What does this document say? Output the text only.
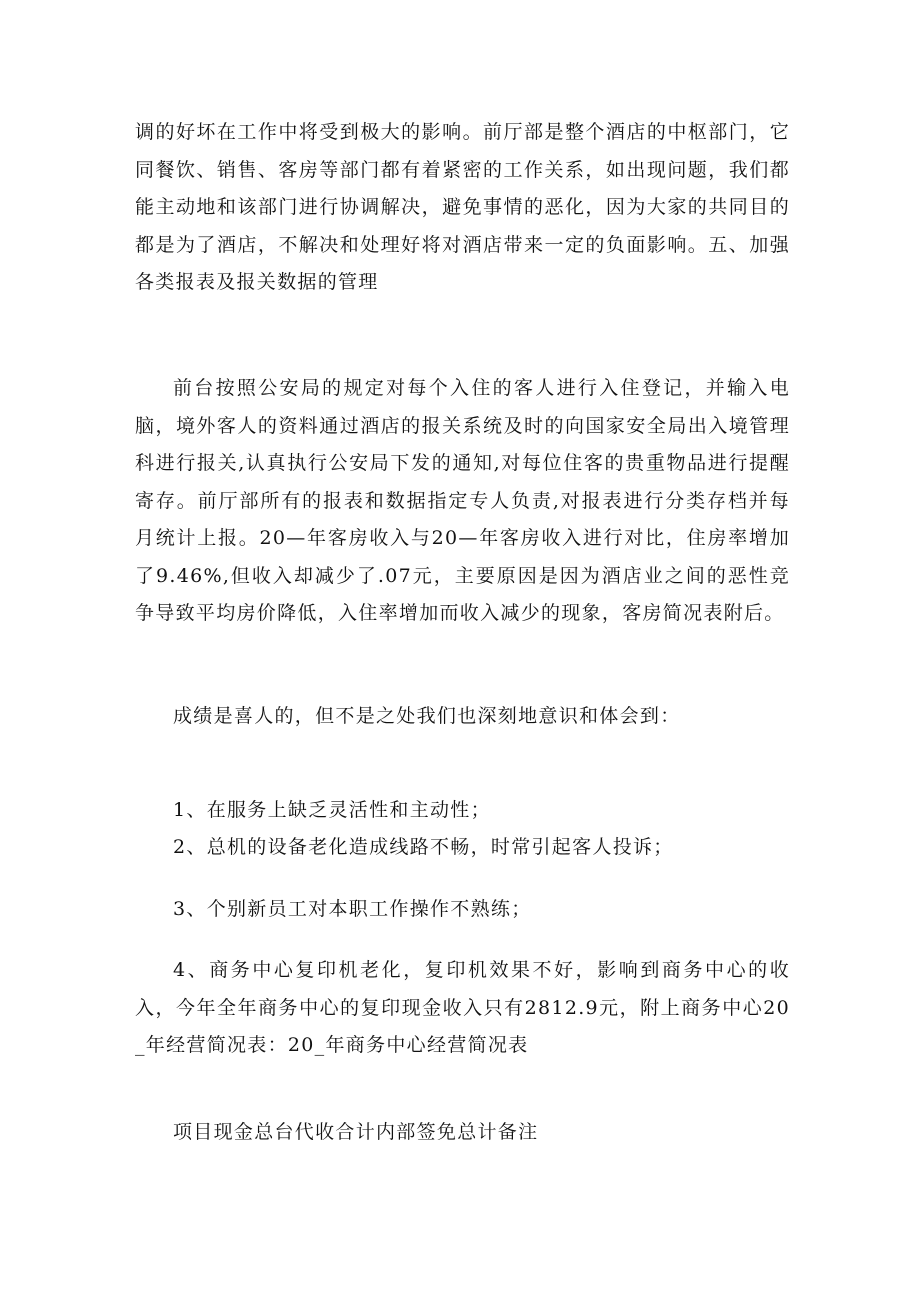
调的好坏在工作中将受到极大的影响。前厅部是整个酒店的中枢部门，它同餐饮、销售、客房等部门都有着紧密的工作关系，如出现问题，我们都能主动地和该部门进行协调解决，避免事情的恶化，因为大家的共同目的都是为了酒店，不解决和处理好将对酒店带来一定的负面影响。五、加强各类报表及报关数据的管理

前台按照公安局的规定对每个入住的客人进行入住登记，并输入电脑，境外客人的资料通过酒店的报关系统及时的向国家安全局出入境管理科进行报关,认真执行公安局下发的通知,对每位住客的贵重物品进行提醒寄存。前厅部所有的报表和数据指定专人负责,对报表进行分类存档并每月统计上报。20—年客房收入与20—年客房收入进行对比，住房率增加了9.46%,但收入却减少了.07元，主要原因是因为酒店业之间的恶性竞争导致平均房价降低，入住率增加而收入减少的现象，客房简况表附后。

成绩是喜人的，但不是之处我们也深刻地意识和体会到：

1、在服务上缺乏灵活性和主动性；

2、总机的设备老化造成线路不畅，时常引起客人投诉；

3、个别新员工对本职工作操作不熟练；

4、商务中心复印机老化，复印机效果不好，影响到商务中心的收入，今年全年商务中心的复印现金收入只有2812.9元，附上商务中心20_年经营简况表：20_年商务中心经营简况表

项目现金总台代收合计内部签免总计备注
